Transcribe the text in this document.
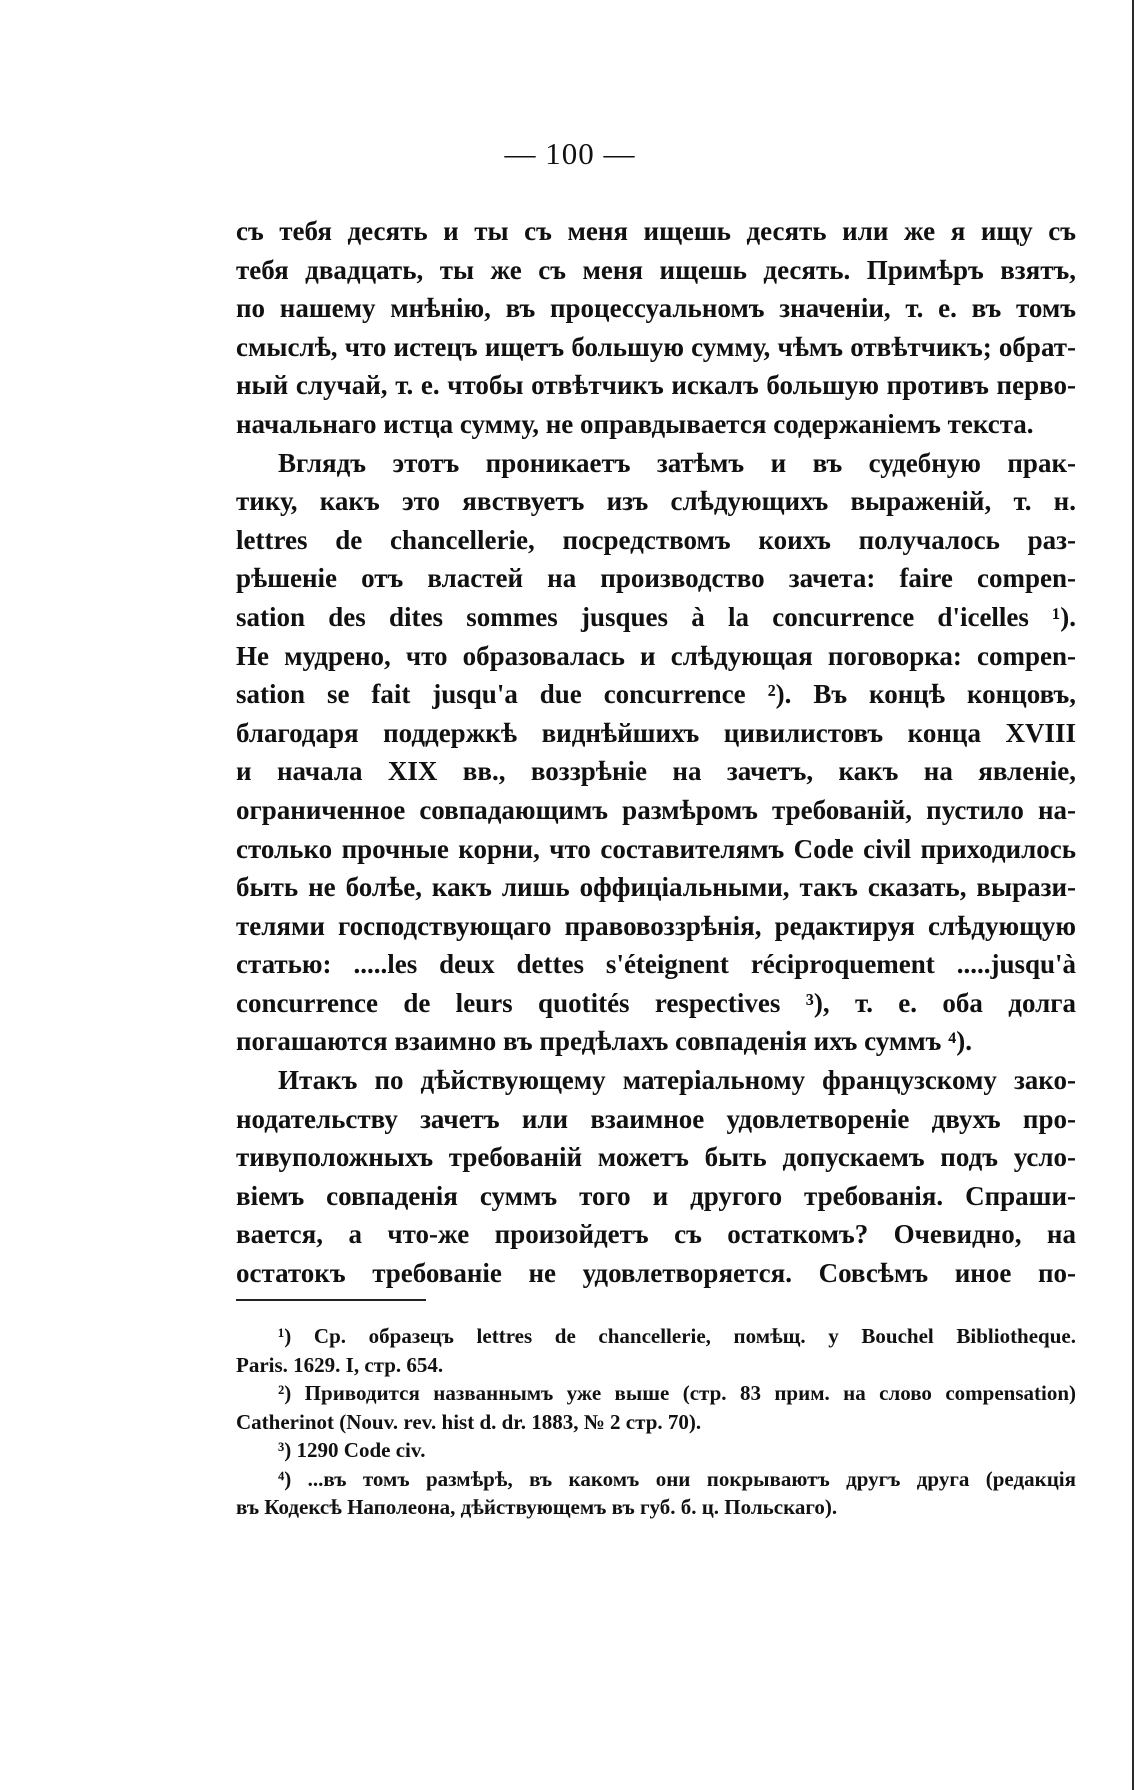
— 100 —

съ тебя десять и ты съ меня ищешь десять или же я ищу съ
тебя двадцать, ты же съ меня ищешь десять. Примѣръ взятъ,
по нашему мнѣнію, въ процессуальномъ значеніи, т. е. въ томъ
смыслѣ, что истецъ ищетъ большую сумму, чѣмъ отвѣтчикъ; обрат-
ный случай, т. е. чтобы отвѣтчикъ искалъ большую противъ перво-
начальнаго истца сумму, не оправдывается содержаніемъ текста.

Вглядъ этотъ проникаетъ затѣмъ и въ судебную прак-
тику, какъ это явствуетъ изъ слѣдующихъ выраженій, т. н.
lettres de chancellerie, посредствомъ коихъ получалось раз-
рѣшеніе отъ властей на производство зачета: faire compen-
sation des dites sommes jusques à la concurrence d'icelles ¹).
Не мудрено, что образовалась и слѣдующая поговорка: compen-
sation se fait jusqu'a due concurrence ²). Въ концѣ концовъ,
благодаря поддержкѣ виднѣйшихъ цивилистовъ конца XVIII
и начала XIX вв., воззрѣніе на зачетъ, какъ на явленіе,
ограниченное совпадающимъ размѣромъ требованій, пустило на-
столько прочные корни, что составителямъ Code civil приходилось
быть не болѣе, какъ лишь оффиціальными, такъ сказать, вырази-
телями господствующаго правовоззрѣнія, редактируя слѣдующую
статью: .....les deux dettes s'éteignent réciproquement .....jusqu'à
concurrence de leurs quotités respectives ³), т. е. оба долга
погашаются взаимно въ предѣлахъ совпаденія ихъ суммъ ⁴).

Итакъ по дѣйствующему матеріальному французскому зако-
нодательству зачетъ или взаимное удовлетвореніе двухъ про-
тивуположныхъ требованій можетъ быть допускаемъ подъ усло-
віемъ совпаденія суммъ того и другого требованія. Спраши-
вается, а что-же произойдетъ съ остаткомъ? Очевидно, на
остатокъ требованіе не удовлетворяется. Совсѣмъ иное по-

¹) Ср. образецъ lettres de chancellerie, помѣщ. у Bouchel Bibliotheque.
Paris. 1629. I, стр. 654.
²) Приводится названнымъ уже выше (стр. 83 прим. на слово compensation)
Catherinot (Nouv. rev. hist d. dr. 1883, № 2 стр. 70).
³) 1290 Code civ.
⁴) ...въ томъ размѣрѣ, въ какомъ они покрываютъ другъ друга (редакція
въ Кодексѣ Наполеона, дѣйствующемъ въ губ. б. ц. Польскаго).
